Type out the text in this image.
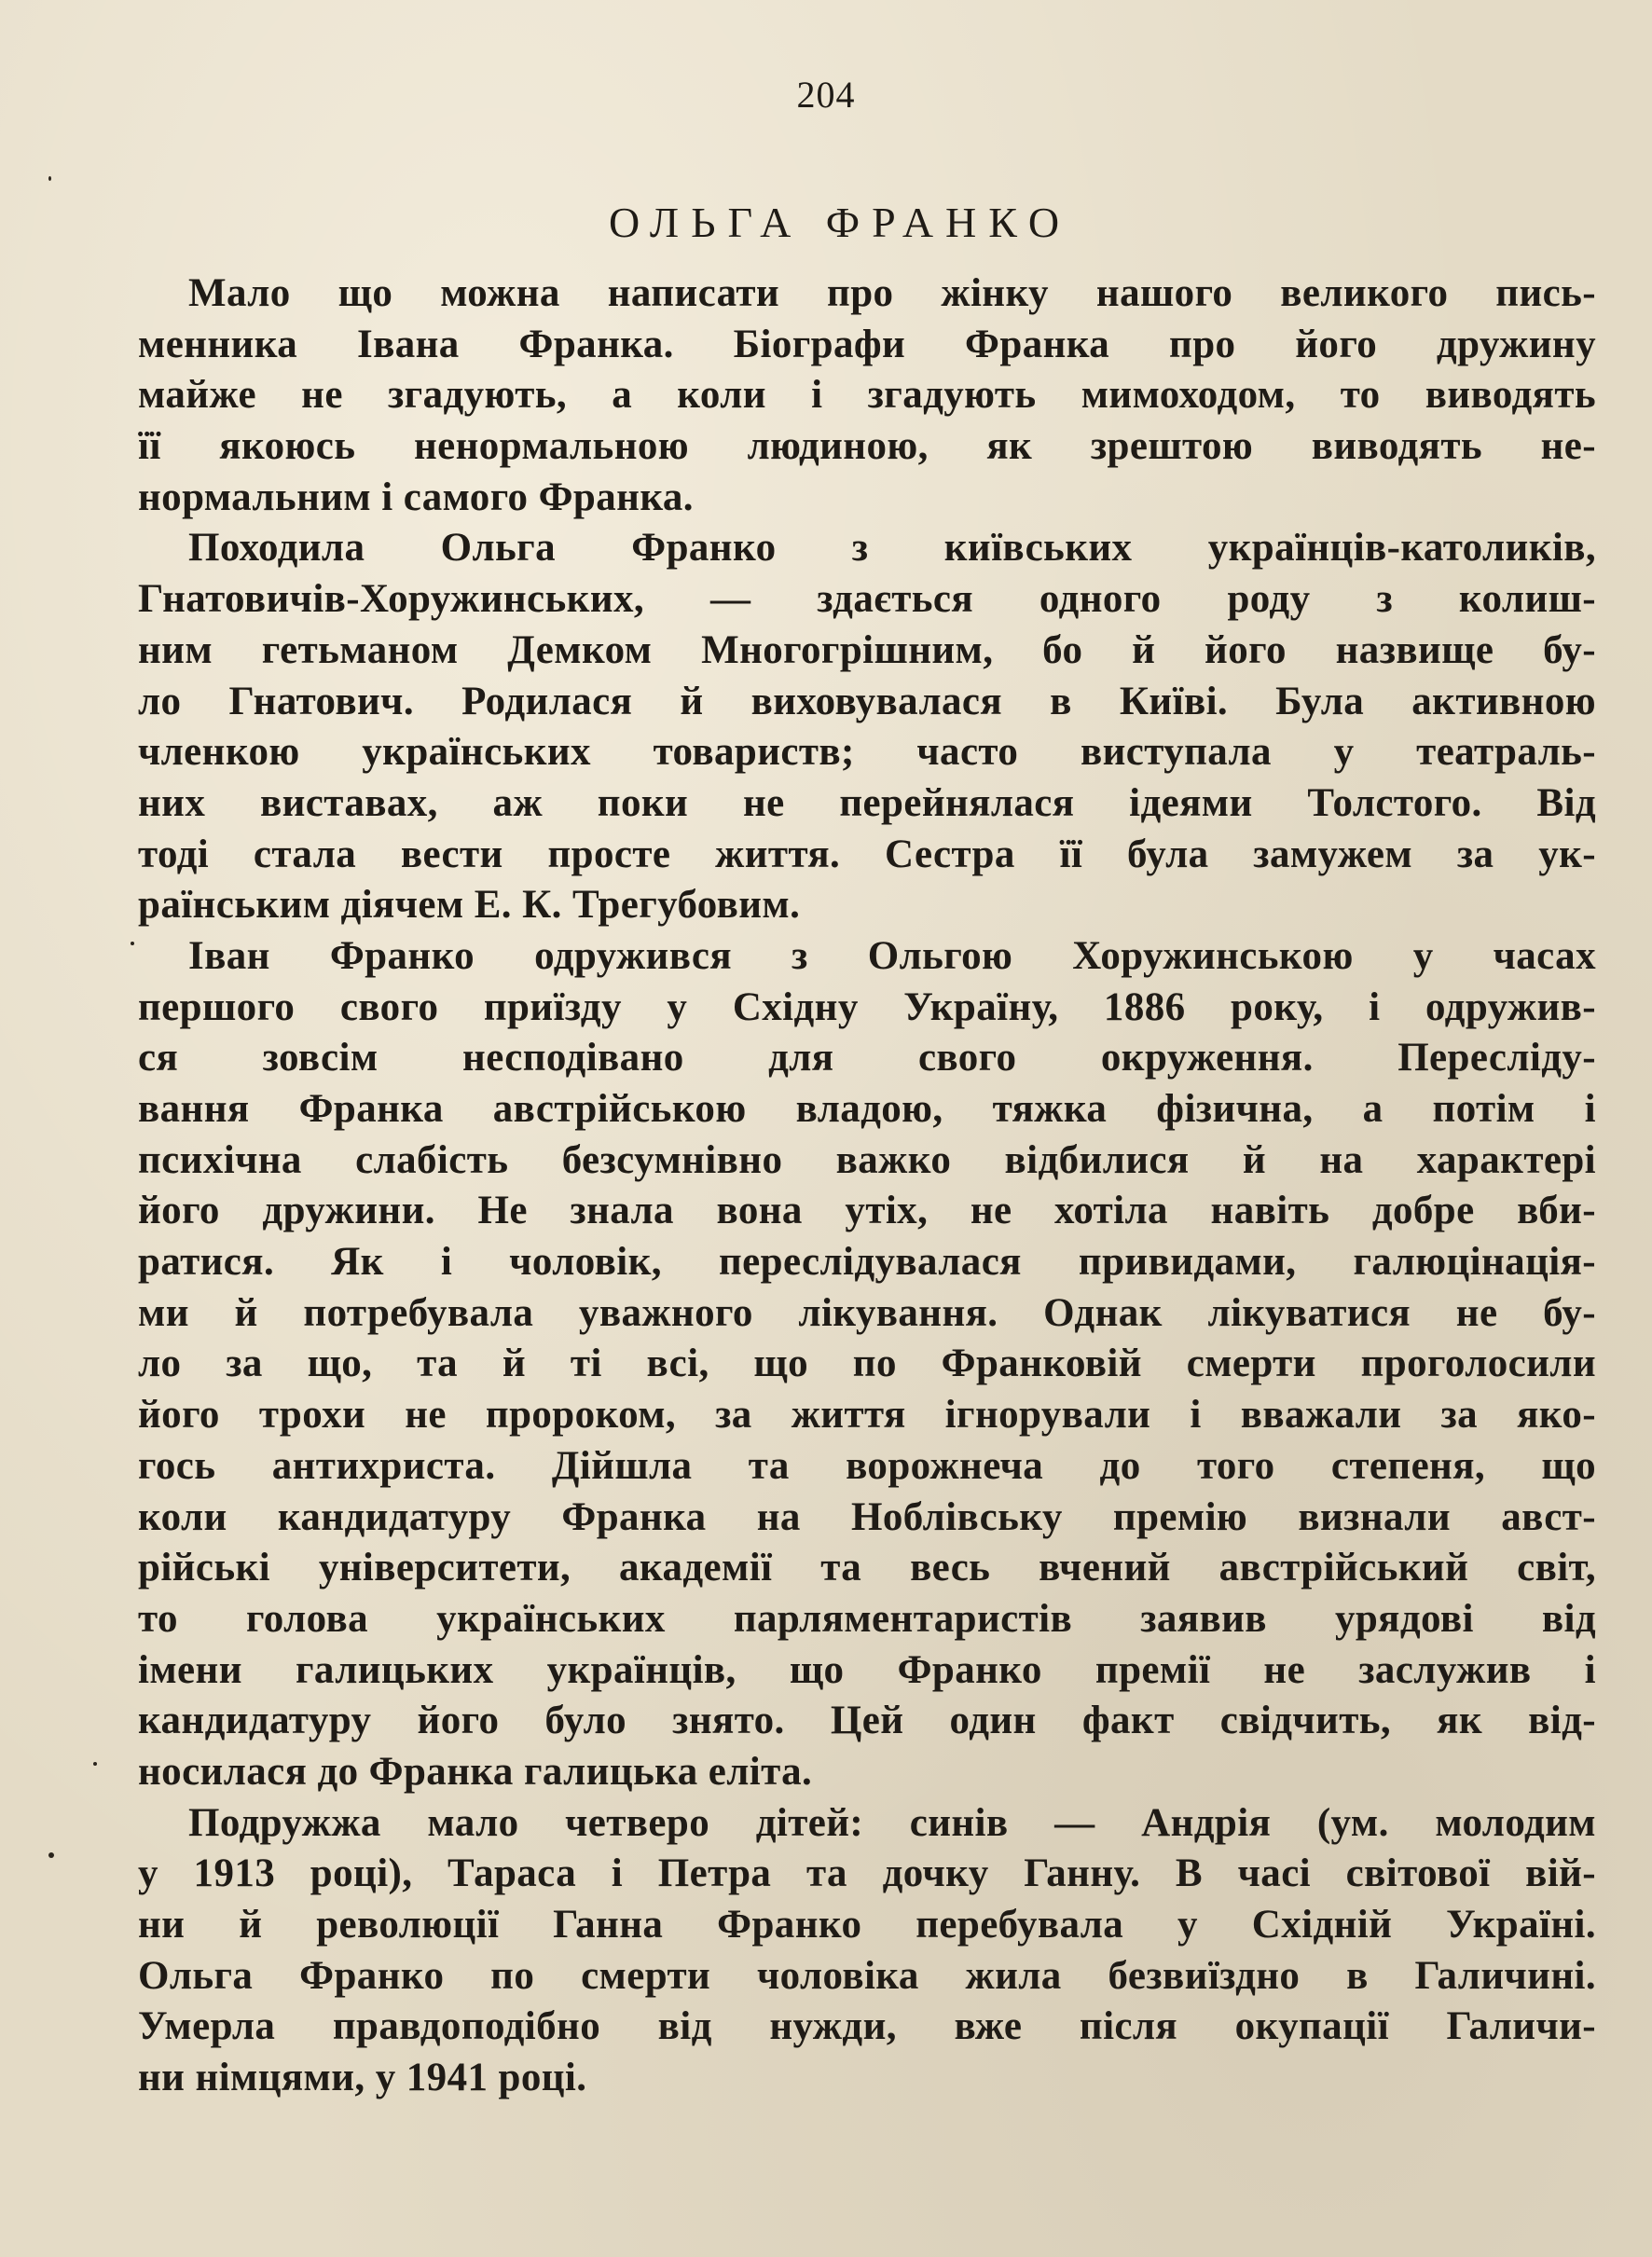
204
ОЛЬГА ФРАНКО
Мало що можна написати про жінку нашого великого пись-
менника Івана Франка. Біографи Франка про його дружину
майже не згадують, а коли і згадують мимоходом, то виводять
її якоюсь ненормальною людиною, як зрештою виводять не-
нормальним і самого Франка.
Походила Ольга Франко з київських українців-католиків,
Гнатовичів-Хоружинських, — здається одного роду з колиш-
ним гетьманом Демком Многогрішним, бо й його назвище бу-
ло Гнатович. Родилася й виховувалася в Київі. Була активною
членкою українських товариств; часто виступала у театраль-
них виставах, аж поки не перейнялася ідеями Толстого. Від
тоді стала вести просте життя. Сестра її була замужем за ук-
раїнським діячем Е. К. Трегубовим.
Іван Франко одружився з Ольгою Хоружинською у часах
першого свого приїзду у Східну Україну, 1886 року, і одружив-
ся зовсім несподівано для свого окруження. Переслідy-
вання Франка австрійською владою, тяжка фізична, а потім і
психічна слабість безсумнівно важко відбилися й на характері
його дружини. Не знала вона утіх, не хотіла навіть добре вби-
ратися. Як і чоловік, переслідувалася привидами, галюцінація-
ми й потребувала уважного лікування. Однак лікуватися не бу-
ло за що, та й ті всі, що по Франковій смерти проголосили
його трохи не пророком, за життя ігнорували і вважали за яко-
гось антихриста. Дійшла та ворожнеча до того степеня, що
коли кандидатуру Франка на Ноблівську премію визнали авст-
рійські університети, академії та весь вчений австрійський світ,
то голова українських парляментаристів заявив урядові від
імени галицьких українців, що Франко премії не заслужив і
кандидатуру його було знято. Цей один факт свідчить, як від-
носилася до Франка галицька еліта.
Подружжа мало четверо дітей: синів — Андрія (ум. молодим
у 1913 році), Тараса і Петра та дочку Ганну. В часі світової вій-
ни й революції Ганна Франко перебувала у Східній Україні.
Ольга Франко по смерти чоловіка жила безвиїздно в Галичині.
Умерла правдоподібно від нужди, вже після окупації Галичи-
ни німцями, у 1941 році.
